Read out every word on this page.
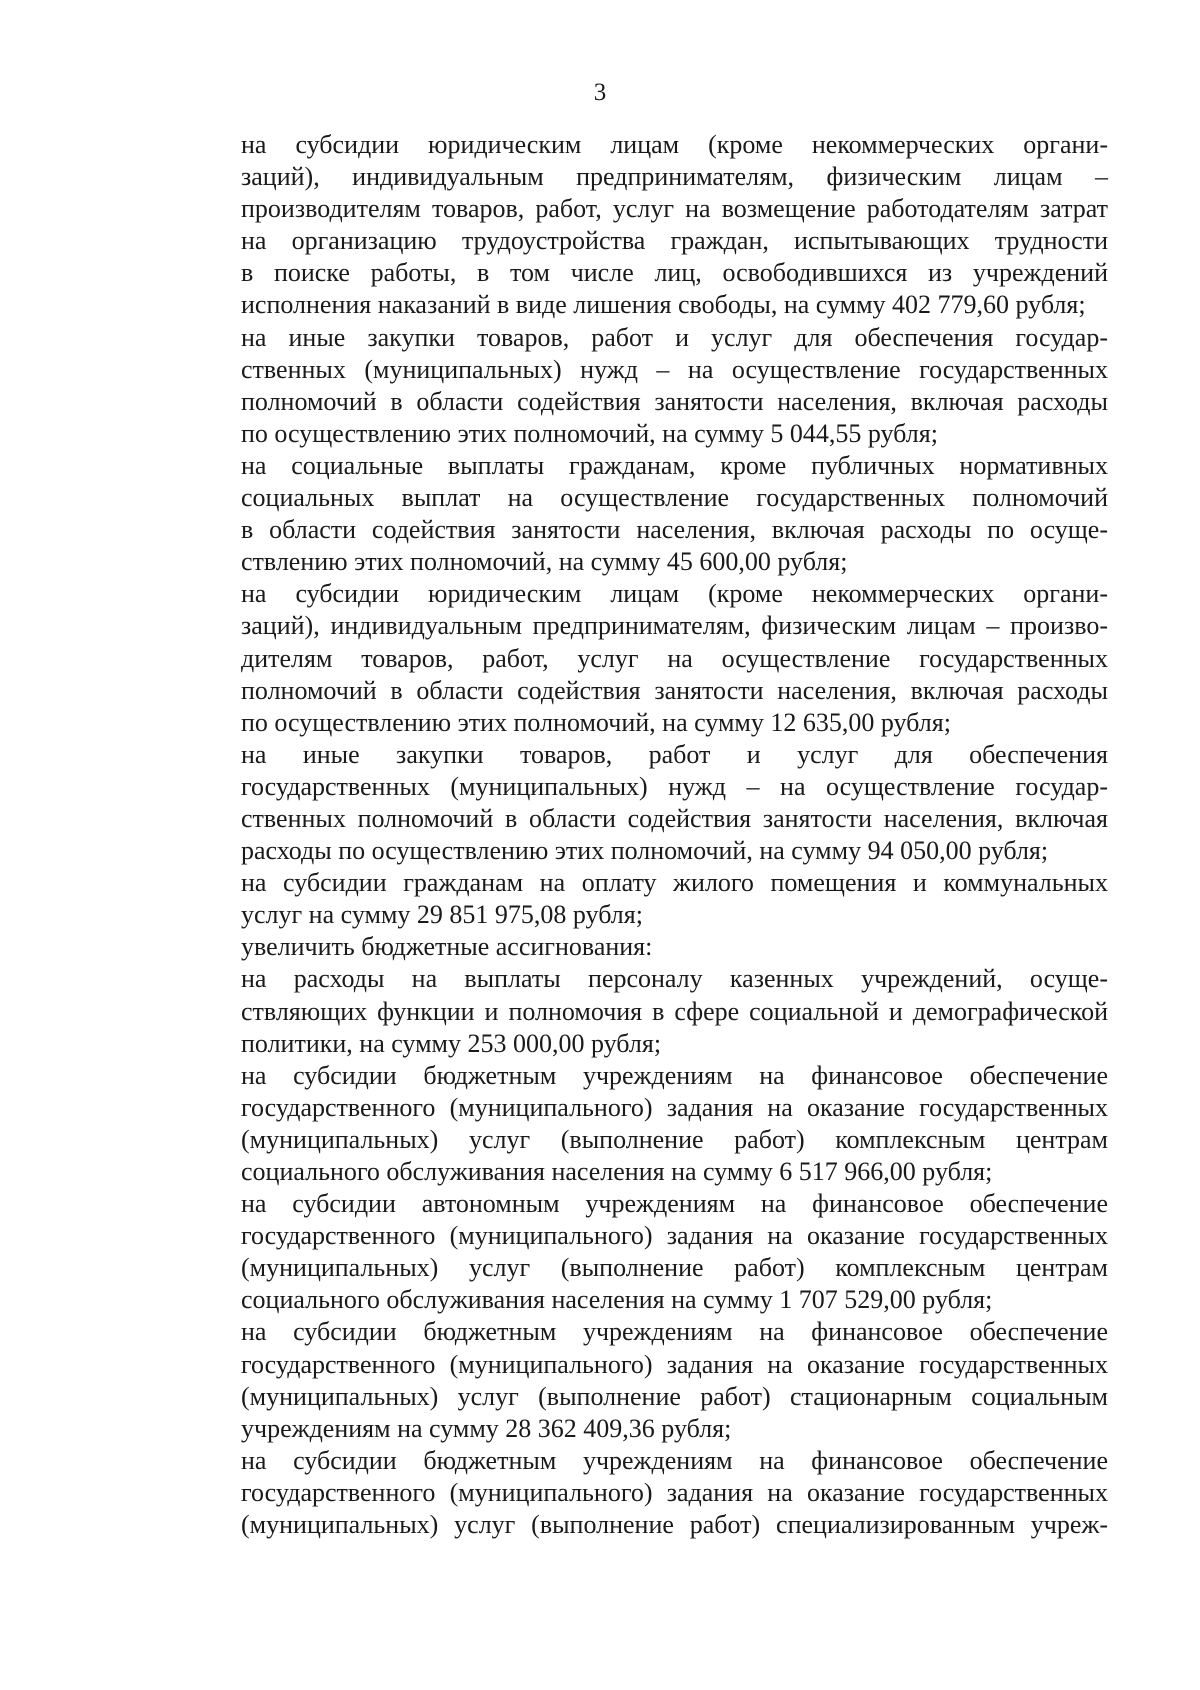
3
на субсидии юридическим лицам (кроме некоммерческих органи-
заций), индивидуальным предпринимателям, физическим лицам –
производителям товаров, работ, услуг на возмещение работодателям затрат
на организацию трудоустройства граждан, испытывающих трудности
в поиске работы, в том числе лиц, освободившихся из учреждений
исполнения наказаний в виде лишения свободы, на сумму 402 779,60 рубля;
на иные закупки товаров, работ и услуг для обеспечения государ-
ственных (муниципальных) нужд – на осуществление государственных
полномочий в области содействия занятости населения, включая расходы
по осуществлению этих полномочий, на сумму 5 044,55 рубля;
на социальные выплаты гражданам, кроме публичных нормативных
социальных выплат на осуществление государственных полномочий
в области содействия занятости населения, включая расходы по осуще-
ствлению этих полномочий, на сумму 45 600,00 рубля;
на субсидии юридическим лицам (кроме некоммерческих органи-
заций), индивидуальным предпринимателям, физическим лицам – произво-
дителям товаров, работ, услуг на осуществление государственных
полномочий в области содействия занятости населения, включая расходы
по осуществлению этих полномочий, на сумму 12 635,00 рубля;
на иные закупки товаров, работ и услуг для обеспечения
государственных (муниципальных) нужд – на осуществление государ-
ственных полномочий в области содействия занятости населения, включая
расходы по осуществлению этих полномочий, на сумму 94 050,00 рубля;
на субсидии гражданам на оплату жилого помещения и коммунальных
услуг на сумму 29 851 975,08 рубля;
увеличить бюджетные ассигнования:
на расходы на выплаты персоналу казенных учреждений, осуще-
ствляющих функции и полномочия в сфере социальной и демографической
политики, на сумму 253 000,00 рубля;
на субсидии бюджетным учреждениям на финансовое обеспечение
государственного (муниципального) задания на оказание государственных
(муниципальных) услуг (выполнение работ) комплексным центрам
социального обслуживания населения на сумму 6 517 966,00 рубля;
на субсидии автономным учреждениям на финансовое обеспечение
государственного (муниципального) задания на оказание государственных
(муниципальных) услуг (выполнение работ) комплексным центрам
социального обслуживания населения на сумму 1 707 529,00 рубля;
на субсидии бюджетным учреждениям на финансовое обеспечение
государственного (муниципального) задания на оказание государственных
(муниципальных) услуг (выполнение работ) стационарным социальным
учреждениям на сумму 28 362 409,36 рубля;
на субсидии бюджетным учреждениям на финансовое обеспечение
государственного (муниципального) задания на оказание государственных
(муниципальных) услуг (выполнение работ) специализированным учреж-
